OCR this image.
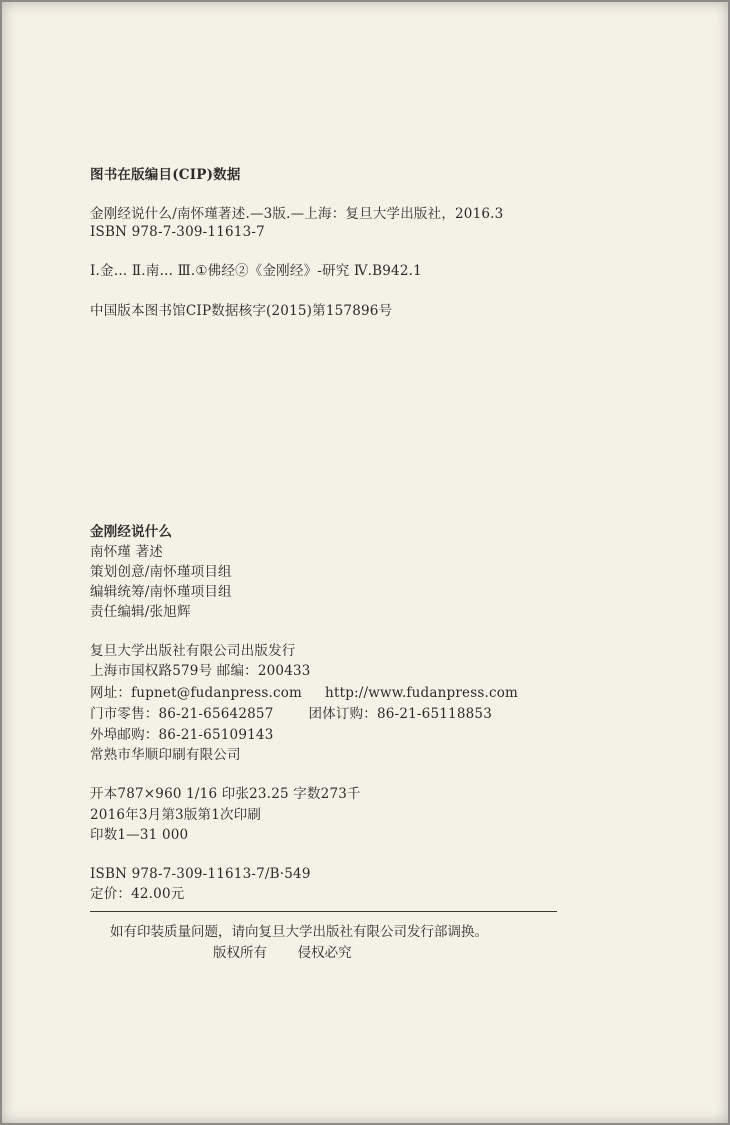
图书在版编目(CIP)数据
金刚经说什么/南怀瑾著述.—3版.—上海：复旦大学出版社，2016.3
ISBN 978-7-309-11613-7
Ⅰ.金… Ⅱ.南… Ⅲ.①佛经②《金刚经》-研究 Ⅳ.B942.1
中国版本图书馆CIP数据核字(2015)第157896号
金刚经说什么
南怀瑾 著述
策划创意/南怀瑾项目组
编辑统筹/南怀瑾项目组
责任编辑/张旭辉
复旦大学出版社有限公司出版发行
上海市国权路579号 邮编：200433
网址：fupnet@fudanpress.com http://www.fudanpress.com
门市零售：86-21-65642857	团体订购：86-21-65118853
外埠邮购：86-21-65109143
常熟市华顺印刷有限公司
开本787×960 1/16 印张23.25 字数273千
2016年3月第3版第1次印刷
印数1—31 000
ISBN 978-7-309-11613-7/B·549
定价：42.00元
如有印装质量问题，请向复旦大学出版社有限公司发行部调换。
版权所有 侵权必究
